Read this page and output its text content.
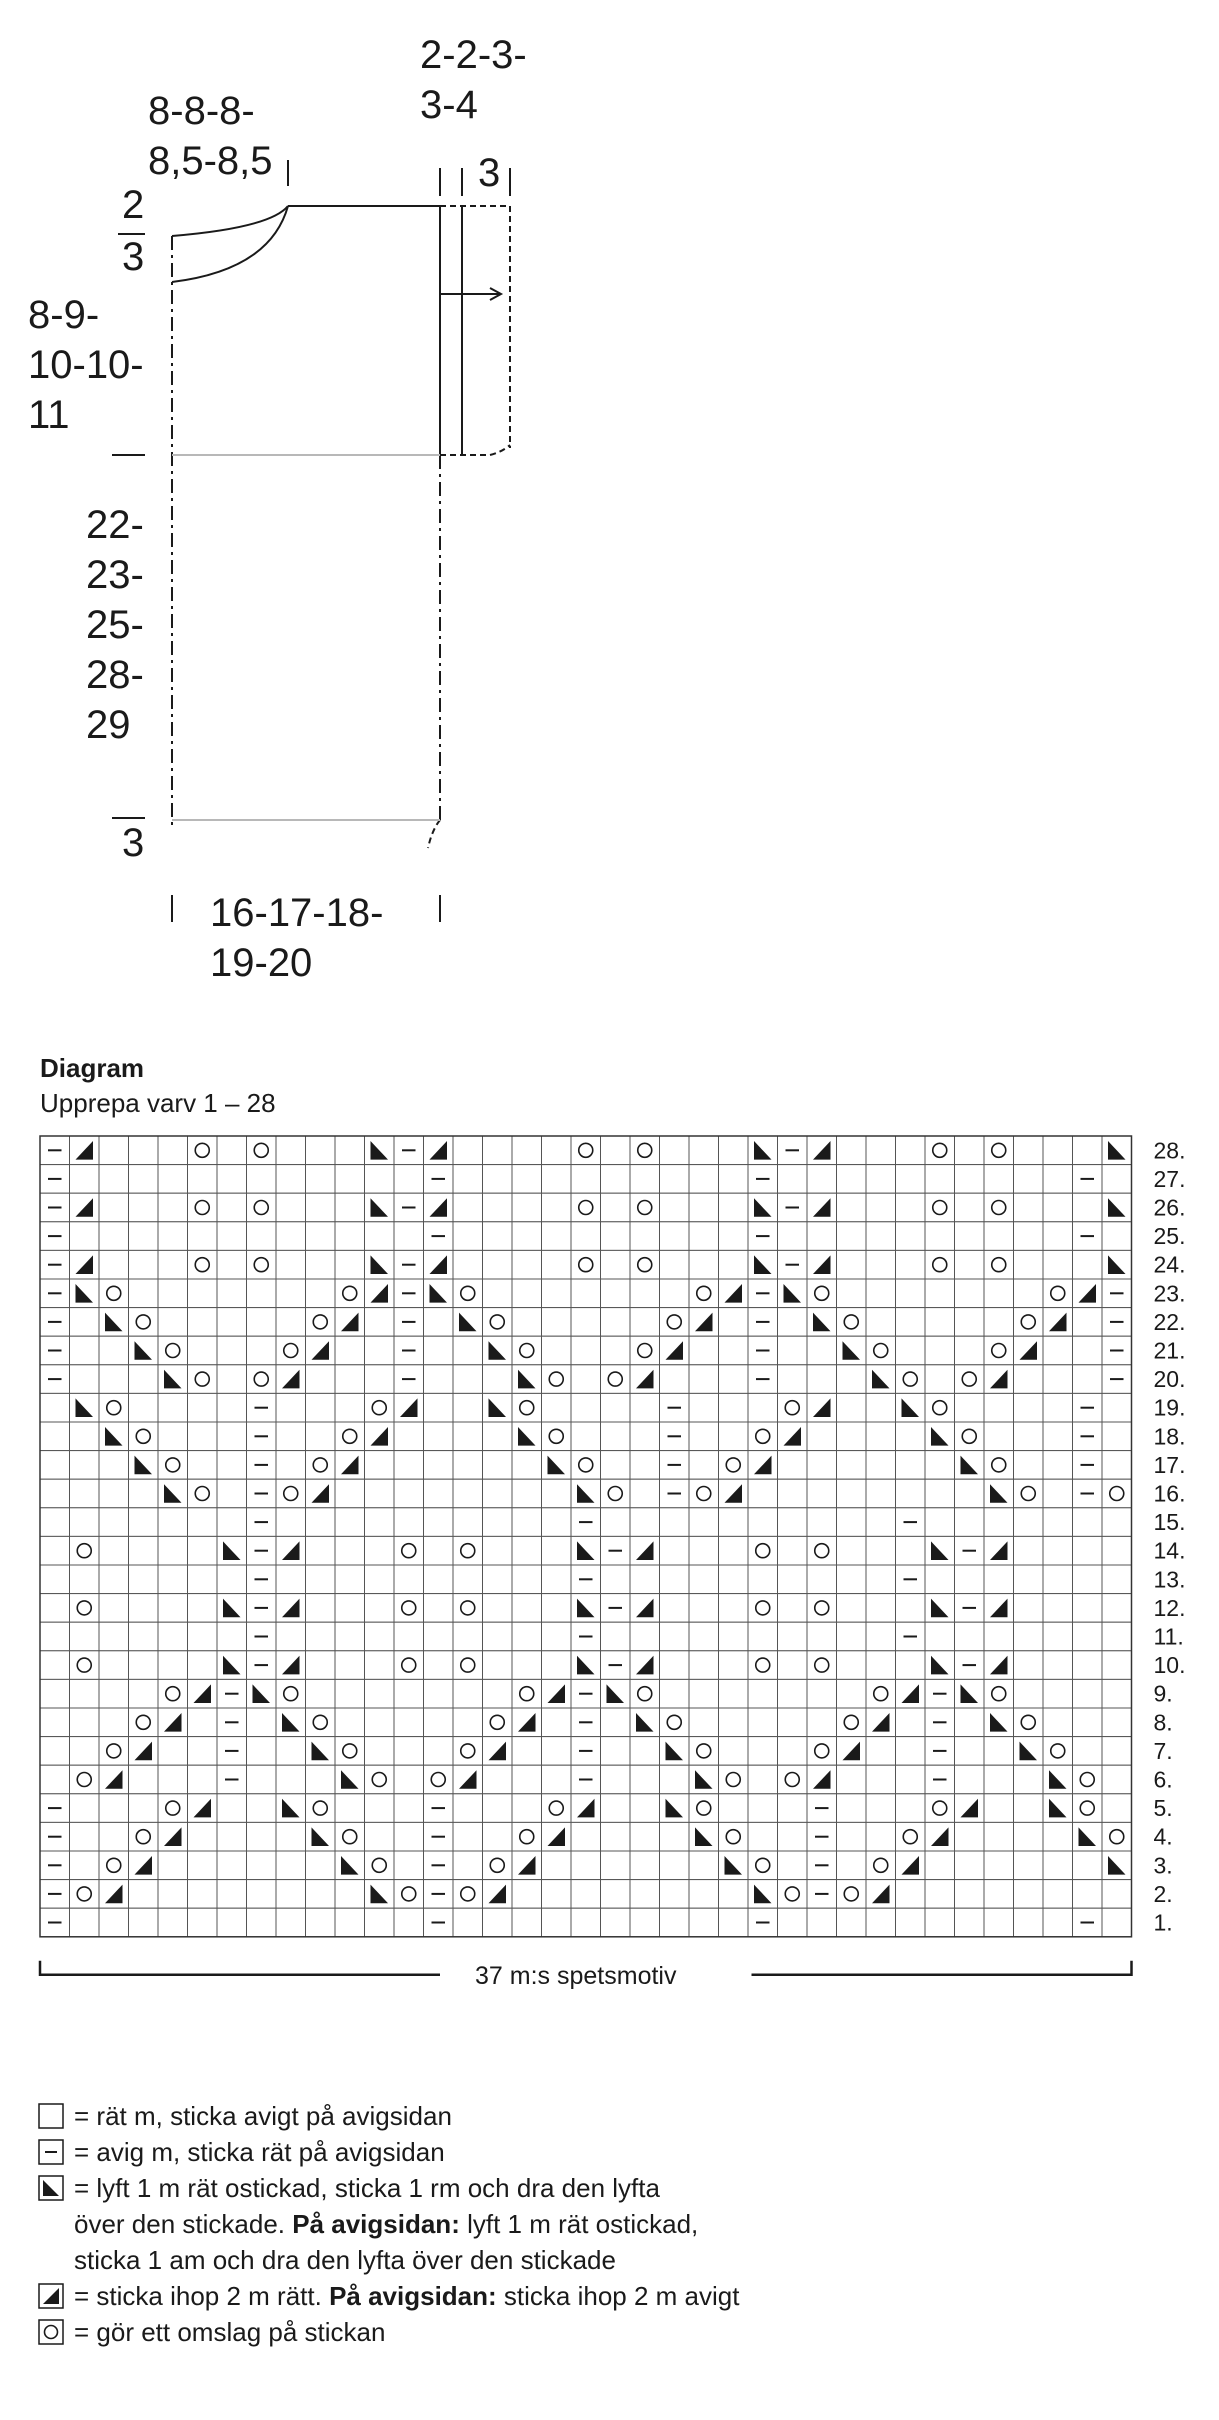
2-2-3-
3-4
8-8-8-
8,5-8,5	3
2
3
8-9-
10-10-
11
22-
23-
25-
28-
29
3
16-17-18-
19-20
Diagram
Upprepa varv 1 – 28
28.
27.
26.
25.
24.
23.
22.
21.
20.
19.
18.
17.
16.
15.
14.
13.
12.
11.
10.
9.
8.
7.
6.
5.
4.
3.
2.
1.
37 m:s spetsmotiv
= rät m, sticka avigt på avigsidan
= avig m, sticka rät på avigsidan
= lyft 1 m rät ostickad, sticka 1 rm och dra den lyfta
över den stickade. På avigsidan: lyft 1 m rät ostickad,
sticka 1 am och dra den lyfta över den stickade
= sticka ihop 2 m rätt. På avigsidan: sticka ihop 2 m avigt
= gör ett omslag på stickan
